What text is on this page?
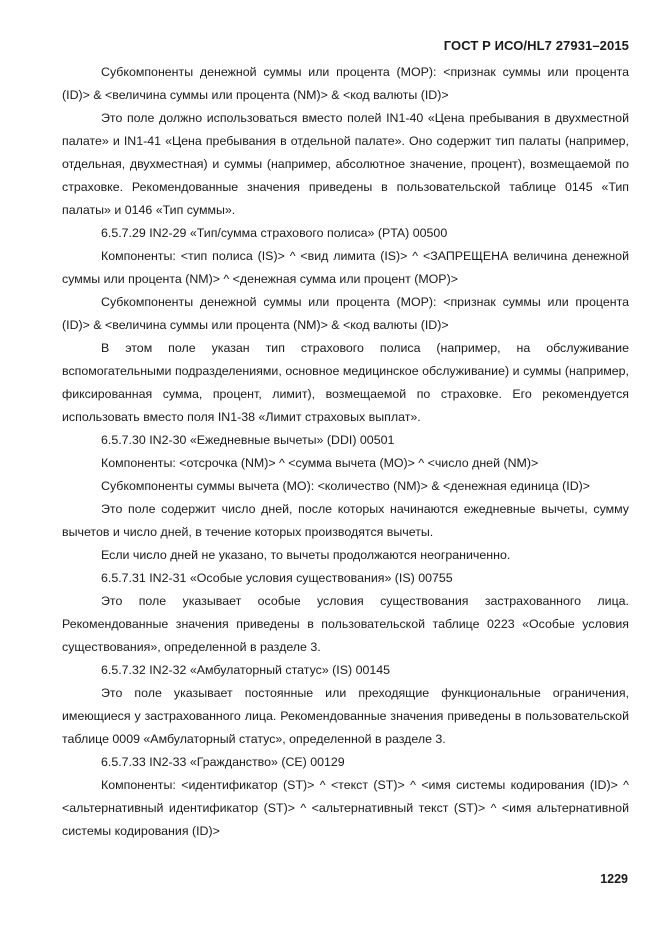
ГОСТ Р ИСО/HL7 27931–2015

Субкомпоненты денежной суммы или процента (МОР): <признак суммы или процента (ID)> & <величина суммы или процента (NM)> & <код валюты (ID)>

Это поле должно использоваться вместо полей IN1-40 «Цена пребывания в двухместной палате» и IN1-41 «Цена пребывания в отдельной палате». Оно содержит тип палаты (например, отдельная, двухместная) и суммы (например, абсолютное значение, процент), возмещаемой по страховке. Рекомендованные значения приведены в пользовательской таблице 0145 «Тип палаты» и 0146 «Тип суммы».

6.5.7.29 IN2-29 «Тип/сумма страхового полиса» (PTA) 00500

Компоненты: <тип полиса (IS)> ^ <вид лимита (IS)> ^ <ЗАПРЕЩЕНА величина денежной суммы или процента (NM)> ^ <денежная сумма или процент (МОР)>

Субкомпоненты денежной суммы или процента (МОР): <признак суммы или процента (ID)> & <величина суммы или процента (NM)> & <код валюты (ID)>

В этом поле указан тип страхового полиса (например, на обслуживание вспомогательными подразделениями, основное медицинское обслуживание) и суммы (например, фиксированная сумма, процент, лимит), возмещаемой по страховке. Его рекомендуется использовать вместо поля IN1-38 «Лимит страховых выплат».

6.5.7.30 IN2-30 «Ежедневные вычеты» (DDI) 00501

Компоненты: <отсрочка (NM)> ^ <сумма вычета (MO)> ^ <число дней (NM)>

Субкомпоненты суммы вычета (MO): <количество (NM)> & <денежная единица (ID)>

Это поле содержит число дней, после которых начинаются ежедневные вычеты, сумму вычетов и число дней, в течение которых производятся вычеты.

Если число дней не указано, то вычеты продолжаются неограниченно.

6.5.7.31 IN2-31 «Особые условия существования» (IS) 00755

Это поле указывает особые условия существования застрахованного лица. Рекомендованные значения приведены в пользовательской таблице 0223 «Особые условия существования», определенной в разделе 3.

6.5.7.32 IN2-32 «Амбулаторный статус» (IS) 00145

Это поле указывает постоянные или преходящие функциональные ограничения, имеющиеся у застрахованного лица. Рекомендованные значения приведены в пользовательской таблице 0009 «Амбулаторный статус», определенной в разделе 3.

6.5.7.33 IN2-33 «Гражданство» (CE) 00129

Компоненты: <идентификатор (ST)> ^ <текст (ST)> ^ <имя системы кодирования (ID)> ^ <альтернативный идентификатор (ST)> ^ <альтернативный текст (ST)> ^ <имя альтернативной системы кодирования (ID)>

1229
